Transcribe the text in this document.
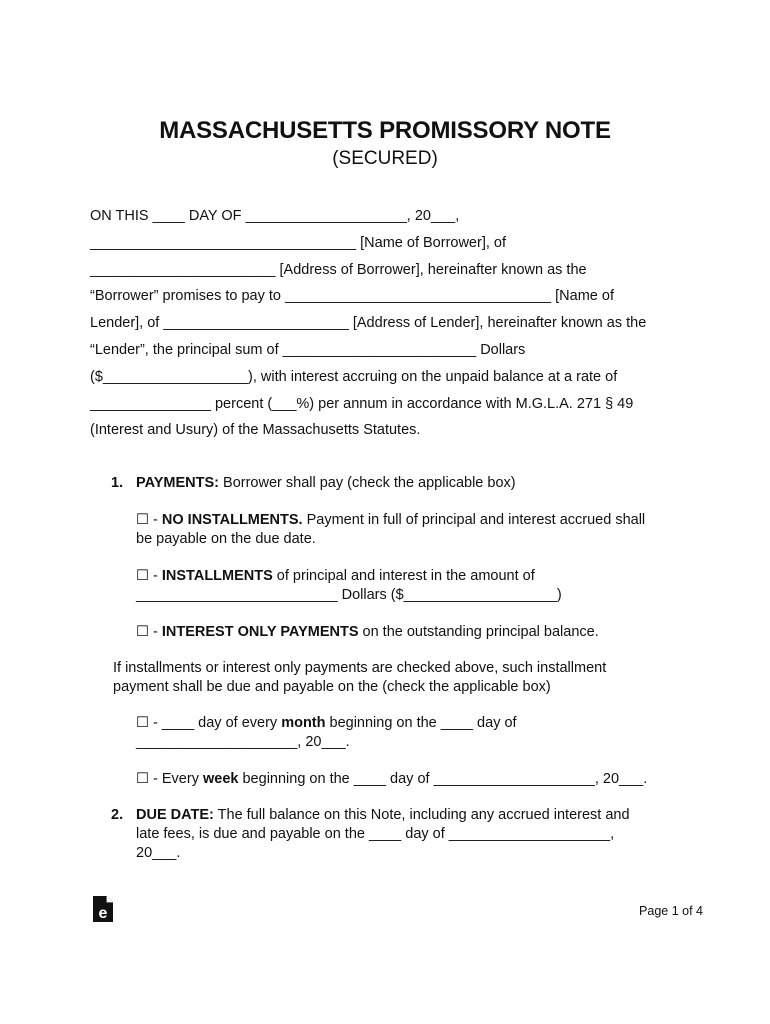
MASSACHUSETTS PROMISSORY NOTE
(SECURED)
ON THIS ____ DAY OF ____________________, 20___,
_________________________________ [Name of Borrower], of
_______________________ [Address of Borrower], hereinafter known as the
“Borrower” promises to pay to _________________________________ [Name of
Lender], of _______________________ [Address of Lender], hereinafter known as the
“Lender”, the principal sum of ________________________ Dollars
($__________________), with interest accruing on the unpaid balance at a rate of
_______________ percent (___%) per annum in accordance with M.G.L.A. 271 § 49
(Interest and Usury) of the Massachusetts Statutes.
1. PAYMENTS: Borrower shall pay (check the applicable box)
☐ - NO INSTALLMENTS. Payment in full of principal and interest accrued shall
be payable on the due date.
☐ - INSTALLMENTS of principal and interest in the amount of
_________________________ Dollars ($___________________)
☐ - INTEREST ONLY PAYMENTS on the outstanding principal balance.
If installments or interest only payments are checked above, such installment
payment shall be due and payable on the (check the applicable box)
☐ - ____ day of every month beginning on the ____ day of
____________________, 20___.
☐ - Every week beginning on the ____ day of ____________________, 20___.
2. DUE DATE: The full balance on this Note, including any accrued interest and
late fees, is due and payable on the ____ day of ____________________,
20___.
e	Page 1 of 4
